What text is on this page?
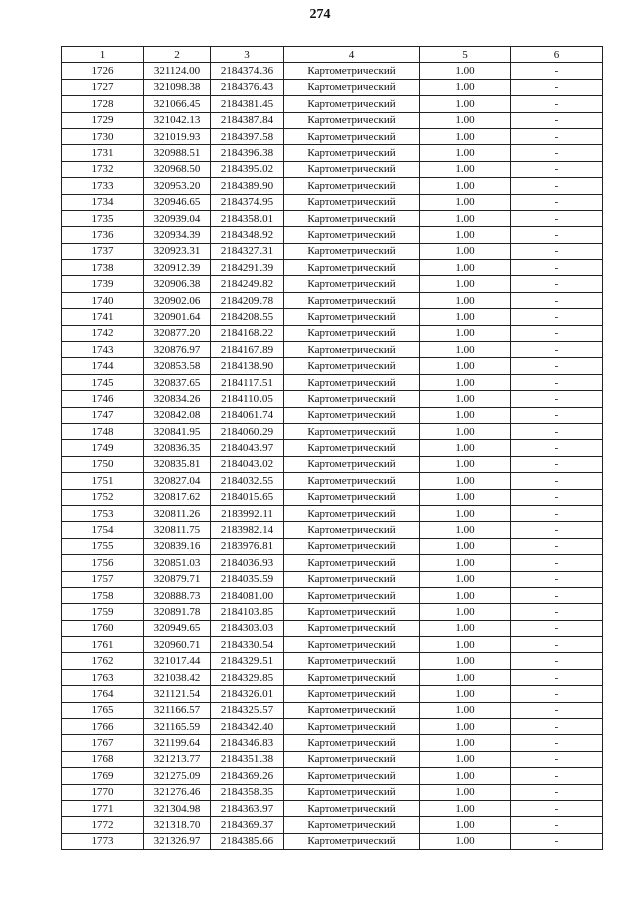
274
1	2	3	4	5	6
1726	321124.00	2184374.36	Картометрический	1.00	-
1727	321098.38	2184376.43	Картометрический	1.00	-
1728	321066.45	2184381.45	Картометрический	1.00	-
1729	321042.13	2184387.84	Картометрический	1.00	-
1730	321019.93	2184397.58	Картометрический	1.00	-
1731	320988.51	2184396.38	Картометрический	1.00	-
1732	320968.50	2184395.02	Картометрический	1.00	-
1733	320953.20	2184389.90	Картометрический	1.00	-
1734	320946.65	2184374.95	Картометрический	1.00	-
1735	320939.04	2184358.01	Картометрический	1.00	-
1736	320934.39	2184348.92	Картометрический	1.00	-
1737	320923.31	2184327.31	Картометрический	1.00	-
1738	320912.39	2184291.39	Картометрический	1.00	-
1739	320906.38	2184249.82	Картометрический	1.00	-
1740	320902.06	2184209.78	Картометрический	1.00	-
1741	320901.64	2184208.55	Картометрический	1.00	-
1742	320877.20	2184168.22	Картометрический	1.00	-
1743	320876.97	2184167.89	Картометрический	1.00	-
1744	320853.58	2184138.90	Картометрический	1.00	-
1745	320837.65	2184117.51	Картометрический	1.00	-
1746	320834.26	2184110.05	Картометрический	1.00	-
1747	320842.08	2184061.74	Картометрический	1.00	-
1748	320841.95	2184060.29	Картометрический	1.00	-
1749	320836.35	2184043.97	Картометрический	1.00	-
1750	320835.81	2184043.02	Картометрический	1.00	-
1751	320827.04	2184032.55	Картометрический	1.00	-
1752	320817.62	2184015.65	Картометрический	1.00	-
1753	320811.26	2183992.11	Картометрический	1.00	-
1754	320811.75	2183982.14	Картометрический	1.00	-
1755	320839.16	2183976.81	Картометрический	1.00	-
1756	320851.03	2184036.93	Картометрический	1.00	-
1757	320879.71	2184035.59	Картометрический	1.00	-
1758	320888.73	2184081.00	Картометрический	1.00	-
1759	320891.78	2184103.85	Картометрический	1.00	-
1760	320949.65	2184303.03	Картометрический	1.00	-
1761	320960.71	2184330.54	Картометрический	1.00	-
1762	321017.44	2184329.51	Картометрический	1.00	-
1763	321038.42	2184329.85	Картометрический	1.00	-
1764	321121.54	2184326.01	Картометрический	1.00	-
1765	321166.57	2184325.57	Картометрический	1.00	-
1766	321165.59	2184342.40	Картометрический	1.00	-
1767	321199.64	2184346.83	Картометрический	1.00	-
1768	321213.77	2184351.38	Картометрический	1.00	-
1769	321275.09	2184369.26	Картометрический	1.00	-
1770	321276.46	2184358.35	Картометрический	1.00	-
1771	321304.98	2184363.97	Картометрический	1.00	-
1772	321318.70	2184369.37	Картометрический	1.00	-
1773	321326.97	2184385.66	Картометрический	1.00	-
